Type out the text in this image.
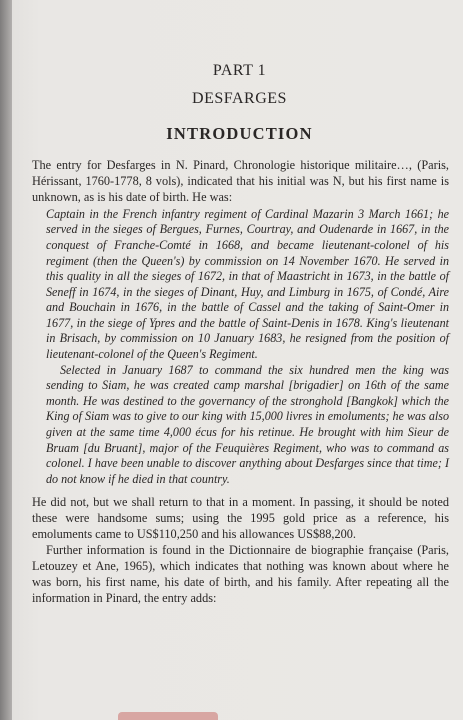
PART 1
DESFARGES
INTRODUCTION

The entry for Desfarges in N. Pinard, Chronologie historique militaire…, (Paris, Hérissant, 1760-1778, 8 vols), indicated that his initial was N, but his first name is unknown, as is his date of birth. He was:

Captain in the French infantry regiment of Cardinal Mazarin 3 March 1661; he served in the sieges of Bergues, Furnes, Courtray, and Oudenarde in 1667, in the conquest of Franche-Comté in 1668, and became lieutenant-colonel of his regiment (then the Queen's) by commission on 14 November 1670. He served in this quality in all the sieges of 1672, in that of Maastricht in 1673, in the battle of Seneff in 1674, in the sieges of Dinant, Huy, and Limburg in 1675, of Condé, Aire and Bouchain in 1676, in the battle of Cassel and the taking of Saint-Omer in 1677, in the siege of Ypres and the battle of Saint-Denis in 1678. King's lieutenant in Brisach, by commission on 10 January 1683, he resigned from the position of lieutenant-colonel of the Queen's Regiment.

Selected in January 1687 to command the six hundred men the king was sending to Siam, he was created camp marshal [brigadier] on 16th of the same month. He was destined to the governancy of the stronghold [Bangkok] which the King of Siam was to give to our king with 15,000 livres in emoluments; he was also given at the same time 4,000 écus for his retinue. He brought with him Sieur de Bruam [du Bruant], major of the Feuquières Regiment, who was to command as colonel. I have been unable to discover anything about Desfarges since that time; I do not know if he died in that country.

He did not, but we shall return to that in a moment. In passing, it should be noted these were handsome sums; using the 1995 gold price as a reference, his emoluments came to US$110,250 and his allowances US$88,200.

Further information is found in the Dictionnaire de biographie française (Paris, Letouzey et Ane, 1965), which indicates that nothing was known about where he was born, his first name, his date of birth, and his family. After repeating all the information in Pinard, the entry adds:
